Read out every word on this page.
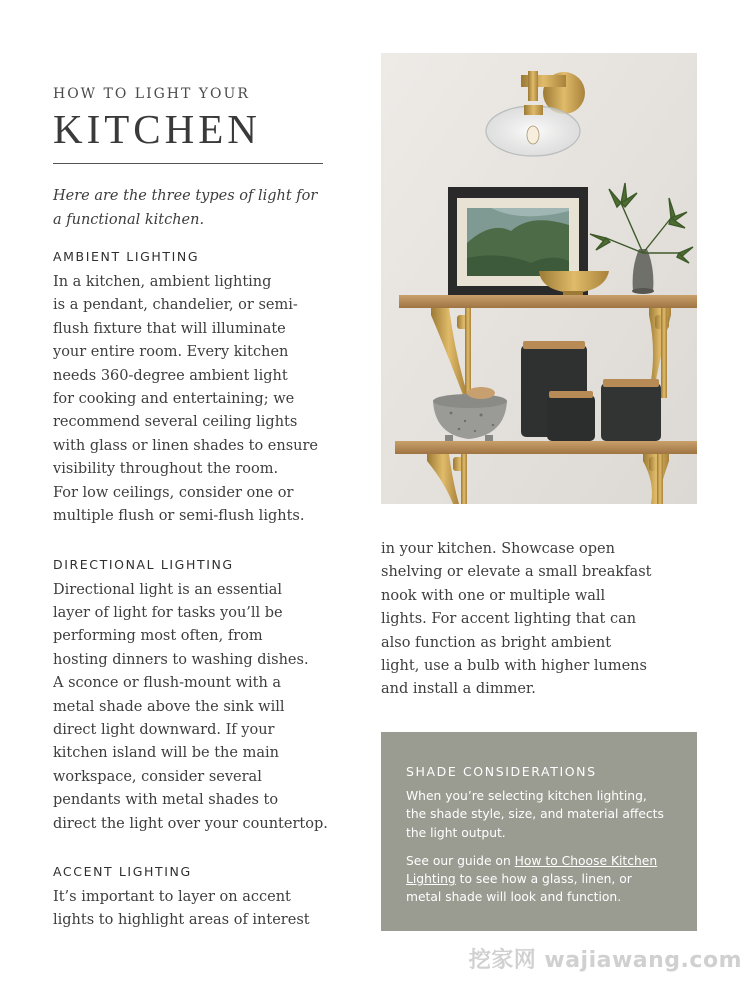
HOW TO LIGHT YOUR
KITCHEN
Here are the three types of light for
a functional kitchen.
AMBIENT LIGHTING
In a kitchen, ambient lighting
is a pendant, chandelier, or semi-
flush fixture that will illuminate
your entire room. Every kitchen
needs 360-degree ambient light
for cooking and entertaining; we
recommend several ceiling lights
with glass or linen shades to ensure
visibility throughout the room.
For low ceilings, consider one or
multiple flush or semi-flush lights.
DIRECTIONAL LIGHTING
Directional light is an essential
layer of light for tasks you’ll be
performing most often, from
hosting dinners to washing dishes.
A sconce or flush-mount with a
metal shade above the sink will
direct light downward. If your
kitchen island will be the main
workspace, consider several
pendants with metal shades to
direct the light over your countertop.
ACCENT LIGHTING
It’s important to layer on accent
lights to highlight areas of interest
in your kitchen. Showcase open
shelving or elevate a small breakfast
nook with one or multiple wall
lights. For accent lighting that can
also function as bright ambient
light, use a bulb with higher lumens
and install a dimmer.
SHADE CONSIDERATIONS
When you’re selecting kitchen lighting,
the shade style, size, and material affects
the light output.
See our guide on How to Choose Kitchen
Lighting to see how a glass, linen, or
metal shade will look and function.
挖家网 wajiawang.com
